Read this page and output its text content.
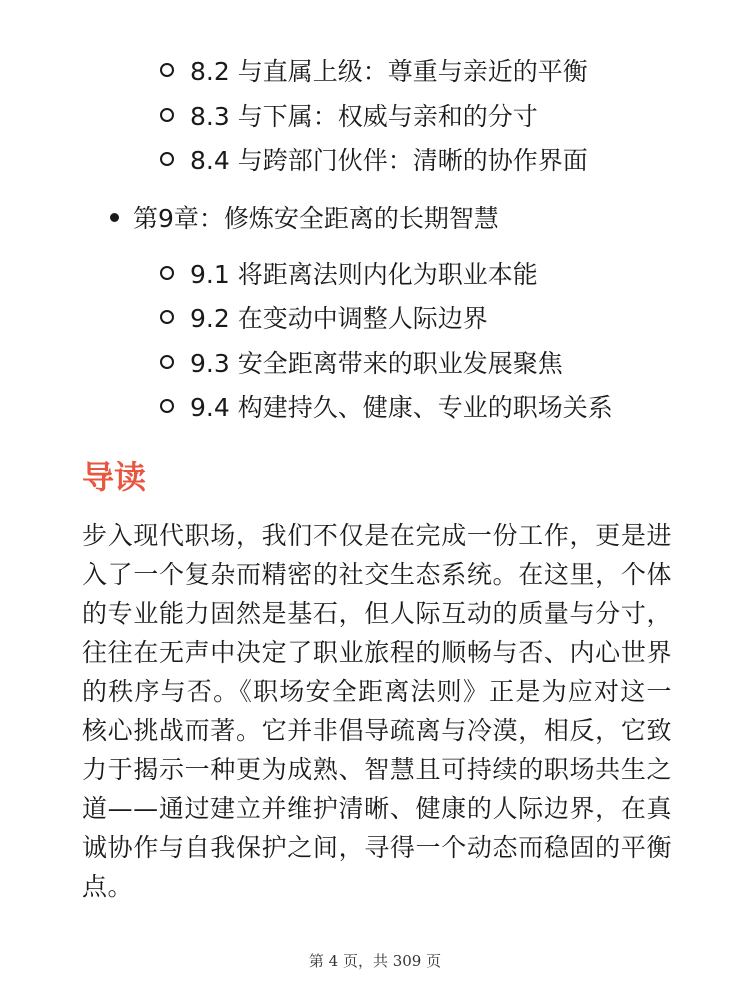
8.2 与直属上级：尊重与亲近的平衡
8.3 与下属：权威与亲和的分寸
8.4 与跨部门伙伴：清晰的协作界面
第9章：修炼安全距离的长期智慧
9.1 将距离法则内化为职业本能
9.2 在变动中调整人际边界
9.3 安全距离带来的职业发展聚焦
9.4 构建持久、健康、专业的职场关系
导读

步入现代职场，我们不仅是在完成一份工作，更是进入了一个复杂而精密的社交生态系统。在这里，个体的专业能力固然是基石，但人际互动的质量与分寸，往往在无声中决定了职业旅程的顺畅与否、内心世界的秩序与否。《职场安全距离法则》正是为应对这一核心挑战而著。它并非倡导疏离与冷漠，相反，它致力于揭示一种更为成熟、智慧且可持续的职场共生之道——通过建立并维护清晰、健康的人际边界，在真诚协作与自我保护之间，寻得一个动态而稳固的平衡点。

第 4 页，共 309 页
